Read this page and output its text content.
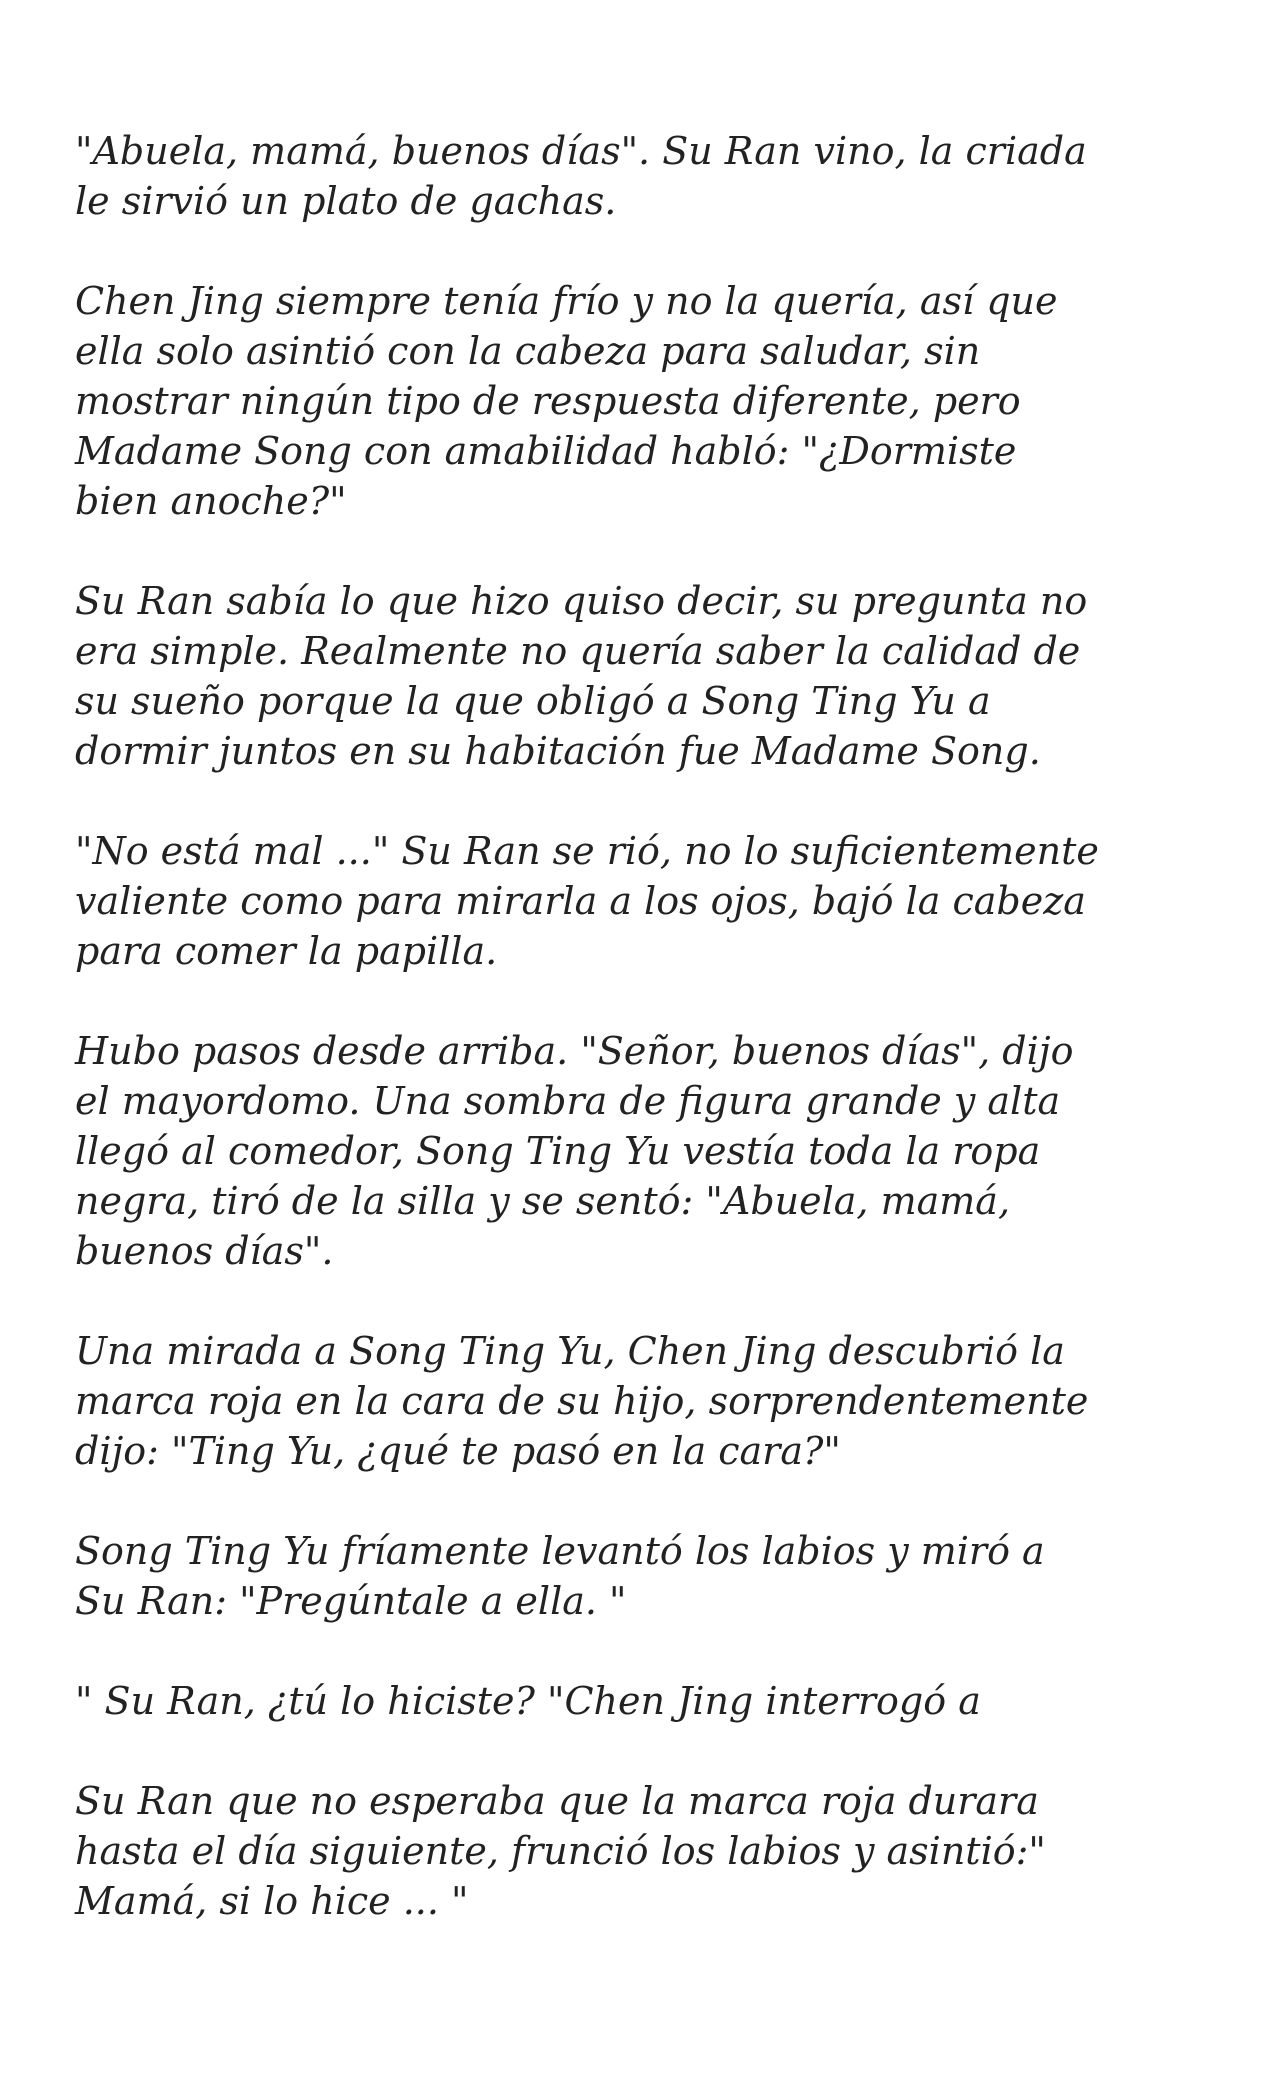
"Abuela, mamá, buenos días". Su Ran vino, la criada
le sirvió un plato de gachas.

Chen Jing siempre tenía frío y no la quería, así que
ella solo asintió con la cabeza para saludar, sin
mostrar ningún tipo de respuesta diferente, pero
Madame Song con amabilidad habló: "¿Dormiste
bien anoche?"

Su Ran sabía lo que hizo quiso decir, su pregunta no
era simple. Realmente no quería saber la calidad de
su sueño porque la que obligó a Song Ting Yu a
dormir juntos en su habitación fue Madame Song.

"No está mal ..." Su Ran se rió, no lo suficientemente
valiente como para mirarla a los ojos, bajó la cabeza
para comer la papilla.

Hubo pasos desde arriba. "Señor, buenos días", dijo
el mayordomo. Una sombra de figura grande y alta
llegó al comedor, Song Ting Yu vestía toda la ropa
negra, tiró de la silla y se sentó: "Abuela, mamá,
buenos días".

Una mirada a Song Ting Yu, Chen Jing descubrió la
marca roja en la cara de su hijo, sorprendentemente
dijo: "Ting Yu, ¿qué te pasó en la cara?"

Song Ting Yu fríamente levantó los labios y miró a
Su Ran: "Pregúntale a ella. "

" Su Ran, ¿tú lo hiciste? "Chen Jing interrogó a

Su Ran que no esperaba que la marca roja durara
hasta el día siguiente, frunció los labios y asintió:"
Mamá, si lo hice ... "
